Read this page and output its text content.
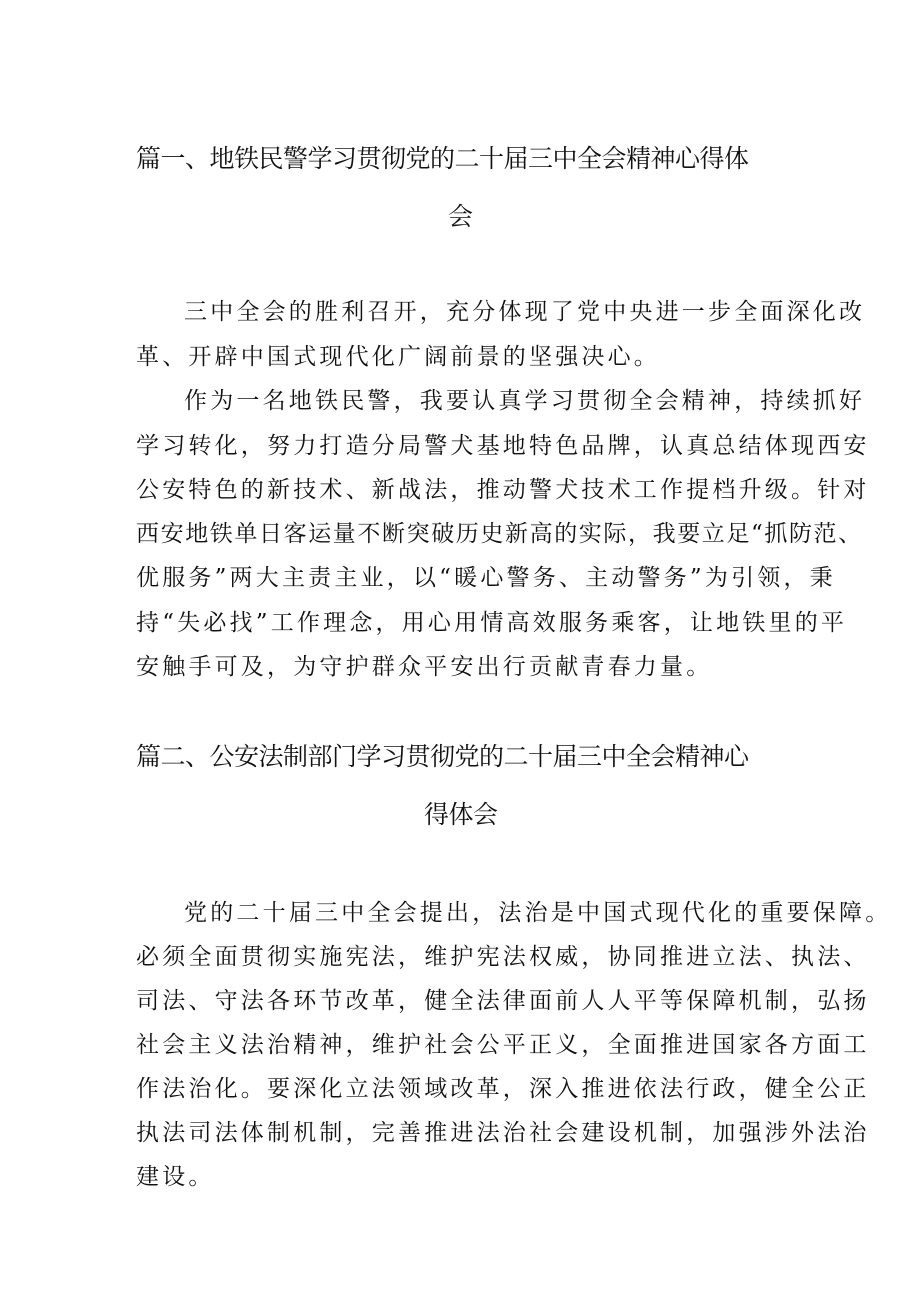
篇一、地铁民警学习贯彻党的二十届三中全会精神心得体
会
三中全会的胜利召开，充分体现了党中央进一步全面深化改
革、开辟中国式现代化广阔前景的坚强决心。
作为一名地铁民警，我要认真学习贯彻全会精神，持续抓好
学习转化，努力打造分局警犬基地特色品牌，认真总结体现西安
公安特色的新技术、新战法，推动警犬技术工作提档升级。针对
西安地铁单日客运量不断突破历史新高的实际，我要立足“抓防范、
优服务”两大主责主业，以“暖心警务、主动警务”为引领，秉
持“失必找”工作理念，用心用情高效服务乘客，让地铁里的平
安触手可及，为守护群众平安出行贡献青春力量。
篇二、公安法制部门学习贯彻党的二十届三中全会精神心
得体会
党的二十届三中全会提出，法治是中国式现代化的重要保障。
必须全面贯彻实施宪法，维护宪法权威，协同推进立法、执法、
司法、守法各环节改革，健全法律面前人人平等保障机制，弘扬
社会主义法治精神，维护社会公平正义，全面推进国家各方面工
作法治化。要深化立法领域改革，深入推进依法行政，健全公正
执法司法体制机制，完善推进法治社会建设机制，加强涉外法治
建设。
